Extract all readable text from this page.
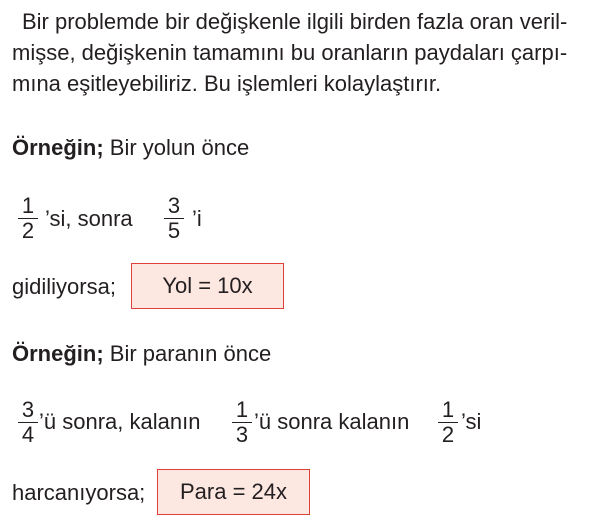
Bir problemde bir değişkenle ilgili birden fazla oran veril-
mişse, değişkenin tamamını bu oranların paydaları çarpı-
mına eşitleyebiliriz. Bu işlemleri kolaylaştırır.
Örneğin; Bir yolun önce
1
2 ’si, sonra
3
5 ’i
gidiliyorsa;	Yol = 10x
Örneğin; Bir paranın önce
3
4
’ü sonra, kalanın 1
3
’ü sonra kalanın 1
2
’si
harcanıyorsa;	Para = 24x
